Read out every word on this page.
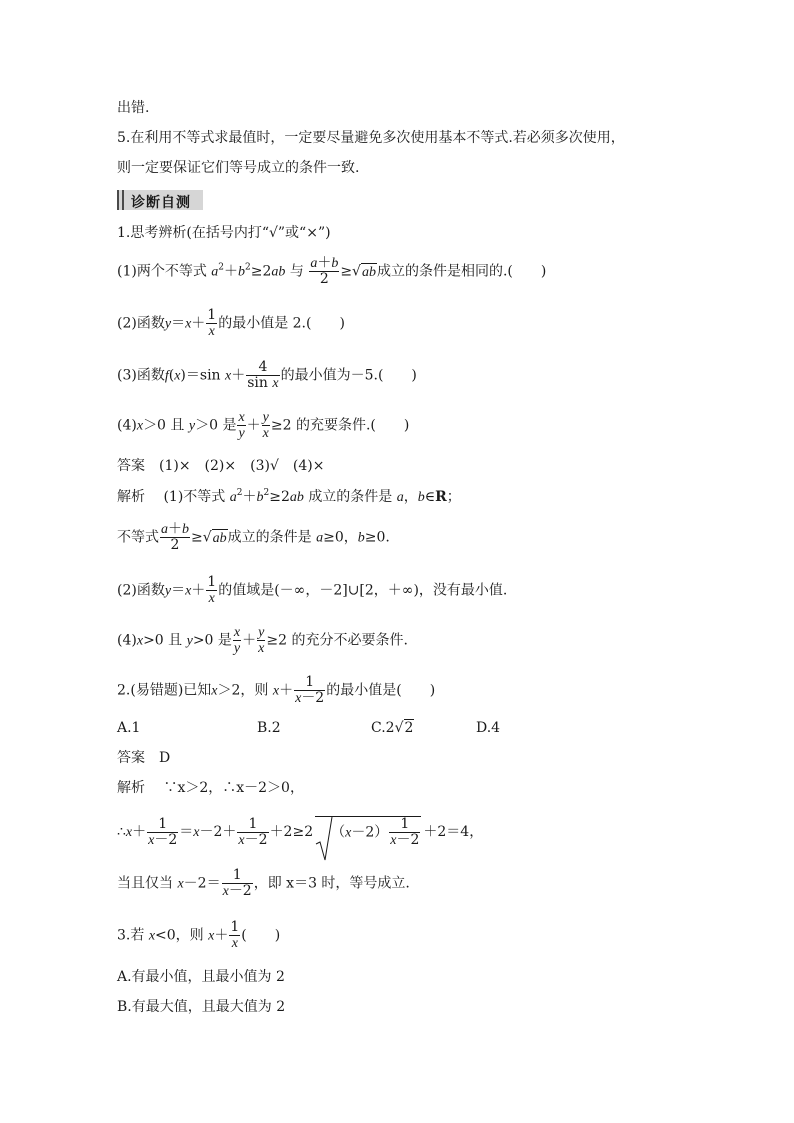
出错.
5.在利用不等式求最值时，一定要尽量避免多次使用基本不等式.若必须多次使用，
则一定要保证它们等号成立的条件一致.
诊断自测
1.思考辨析(在括号内打“√”或“×”)
(1)两个不等式 $a^2+b^2\ge 2ab$ 与 $\frac{a+b}{2} \ge√ab$成立的条件是相同的.(　　)
(2)函数$y=x+ \frac{1}{x}$ 的最小值是 2.(　　)
(3)函数f(x)＝sin $x+ \frac{4}{\text{sin x}}$ 的最小值为－5.(　　)
(4)x＞0 且 y＞0 是 $\frac{x}{y} + \frac{y}{x} \ge 2$ 的充要条件.(　　)
答案　(1)×　(2)×　(3)√　(4)×
解析　 (1)不等式 $a^2+b^2\ge 2ab$ 成立的条件是 a，b∈R；
不等式 $\frac{a+b}{2} \ge√ab$成立的条件是 a≥0，b≥0.
(2)函数$y=x+ \frac{1}{x}$ 的值域是(－∞，－2]∪[2，＋∞)，没有最小值.
(4)x>0 且 y>0 是 $\frac{x}{y} + \frac{y}{x} \ge 2$ 的充分不必要条件.
2.(易错题)已知x＞2，则 $x+ \frac{1}{x-2}$ 的最小值是(　　)
A.1	B.2	C.2√2	D.4
答案　D
解析　 ∵x＞2，∴x－2＞0，
∴x＋ $\frac{1}{x-2} =x-2+ \frac{1}{x-2} +2\ge 2$ $(x-2) \frac{1}{x-2} +2=4$，
当且仅当 $x-2= \frac{1}{x-2}$ ，即 x＝3 时，等号成立.
3.若 x<0，则 $x+ \frac{1}{x}$ (　　)
A.有最小值，且最小值为 2
B.有最大值，且最大值为 2
